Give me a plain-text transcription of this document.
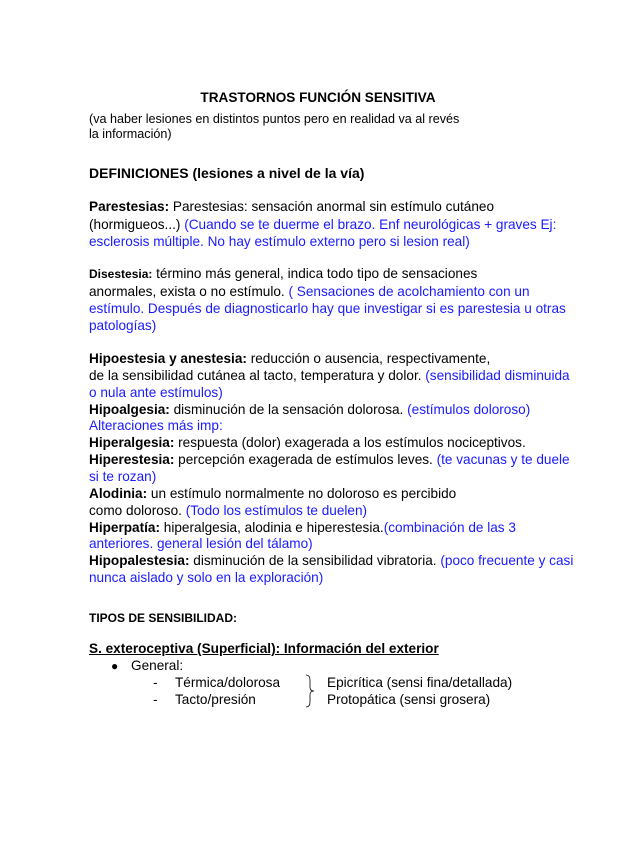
TRASTORNOS FUNCIÓN SENSITIVA
(va haber lesiones en distintos puntos pero en realidad va al revés
la información)
DEFINICIONES (lesiones a nivel de la vía)
Parestesias: Parestesias: sensación anormal sin estímulo cutáneo
(hormigueos...) (Cuando se te duerme el brazo. Enf neurológicas + graves Ej:
esclerosis múltiple. No hay estímulo externo pero si lesion real)
Disestesia: término más general, indica todo tipo de sensaciones
anormales, exista o no estímulo. ( Sensaciones de acolchamiento con un
estímulo. Después de diagnosticarlo hay que investigar si es parestesia u otras
patologías)
Hipoestesia y anestesia: reducción o ausencia, respectivamente,
de la sensibilidad cutánea al tacto, temperatura y dolor. (sensibilidad disminuida
o nula ante estímulos)
Hipoalgesia: disminución de la sensación dolorosa. (estímulos doloroso)
Alteraciones más imp:
Hiperalgesia: respuesta (dolor) exagerada a los estímulos nociceptivos.
Hiperestesia: percepción exagerada de estímulos leves. (te vacunas y te duele
si te rozan)
Alodinia: un estímulo normalmente no doloroso es percibido
como doloroso. (Todo los estímulos te duelen)
Hiperpatía: hiperalgesia, alodinia e hiperestesia.(combinación de las 3
anteriores. general lesión del tálamo)
Hipopalestesia: disminución de la sensibilidad vibratoria. (poco frecuente y casi
nunca aislado y solo en la exploración)
TIPOS DE SENSIBILIDAD:
S. exteroceptiva (Superficial): Información del exterior
● General:
- Térmica/dolorosa	Epicrítica (sensi fina/detallada)
- Tacto/presión	Protopática (sensi grosera)
